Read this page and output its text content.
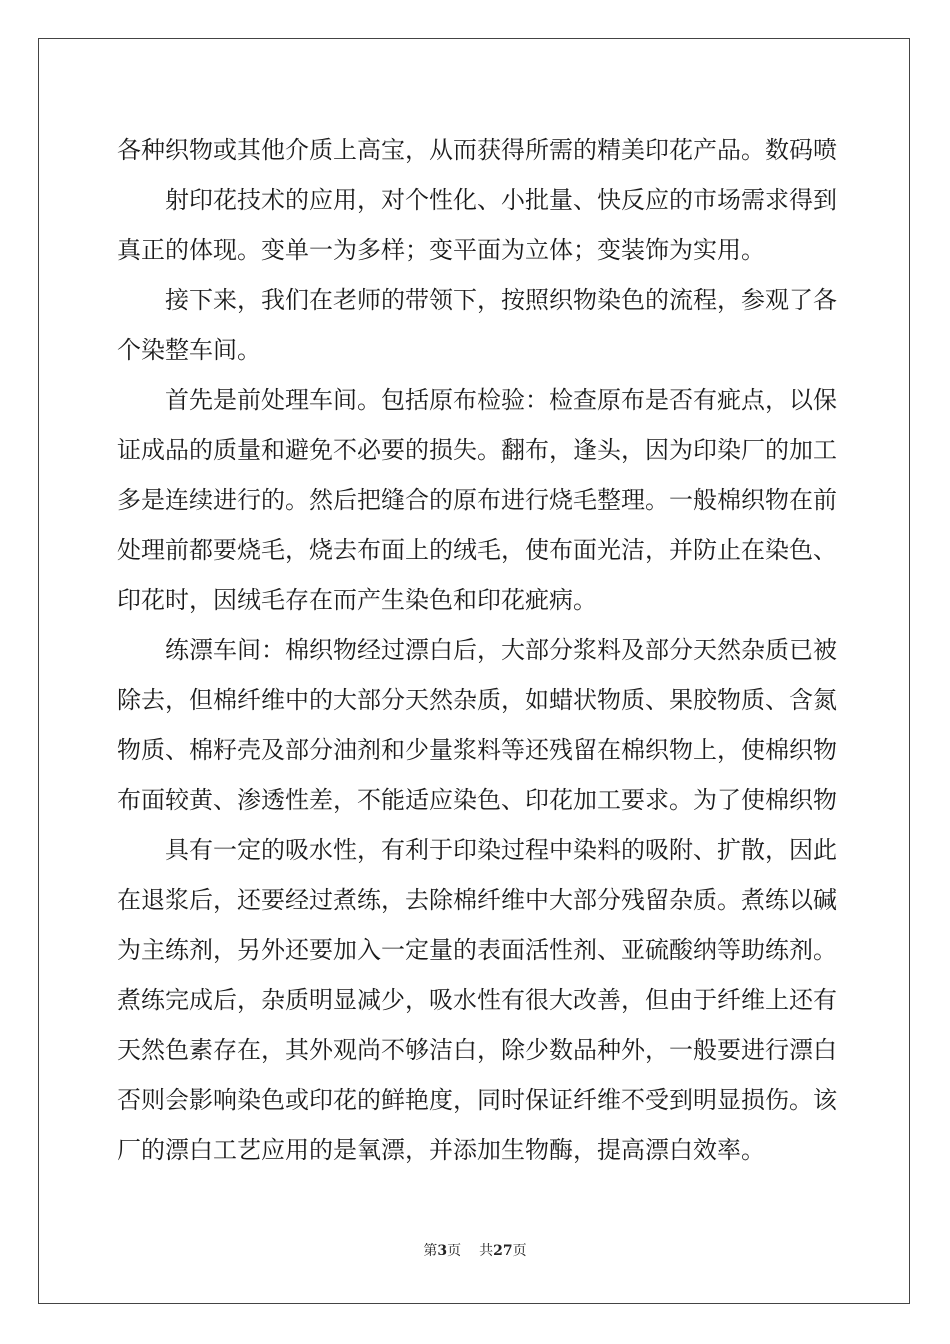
各种织物或其他介质上高宝，从而获得所需的精美印花产品。数码喷
射印花技术的应用，对个性化、小批量、快反应的市场需求得到
真正的体现。变单一为多样；变平面为立体；变装饰为实用。
接下来，我们在老师的带领下，按照织物染色的流程，参观了各
个染整车间。
首先是前处理车间。包括原布检验：检查原布是否有疵点，以保
证成品的质量和避免不必要的损失。翻布，逢头，因为印染厂的加工
多是连续进行的。然后把缝合的原布进行烧毛整理。一般棉织物在前
处理前都要烧毛，烧去布面上的绒毛，使布面光洁，并防止在染色、
印花时，因绒毛存在而产生染色和印花疵病。
练漂车间：棉织物经过漂白后，大部分浆料及部分天然杂质已被
除去，但棉纤维中的大部分天然杂质，如蜡状物质、果胶物质、含氮
物质、棉籽壳及部分油剂和少量浆料等还残留在棉织物上，使棉织物
布面较黄、渗透性差，不能适应染色、印花加工要求。为了使棉织物
具有一定的吸水性，有利于印染过程中染料的吸附、扩散，因此
在退浆后，还要经过煮练，去除棉纤维中大部分残留杂质。煮练以碱
为主练剂，另外还要加入一定量的表面活性剂、亚硫酸纳等助练剂。
煮练完成后，杂质明显减少，吸水性有很大改善，但由于纤维上还有
天然色素存在，其外观尚不够洁白，除少数品种外，一般要进行漂白
否则会影响染色或印花的鲜艳度，同时保证纤维不受到明显损伤。该
厂的漂白工艺应用的是氧漂，并添加生物酶，提高漂白效率。
第3页 共27页
